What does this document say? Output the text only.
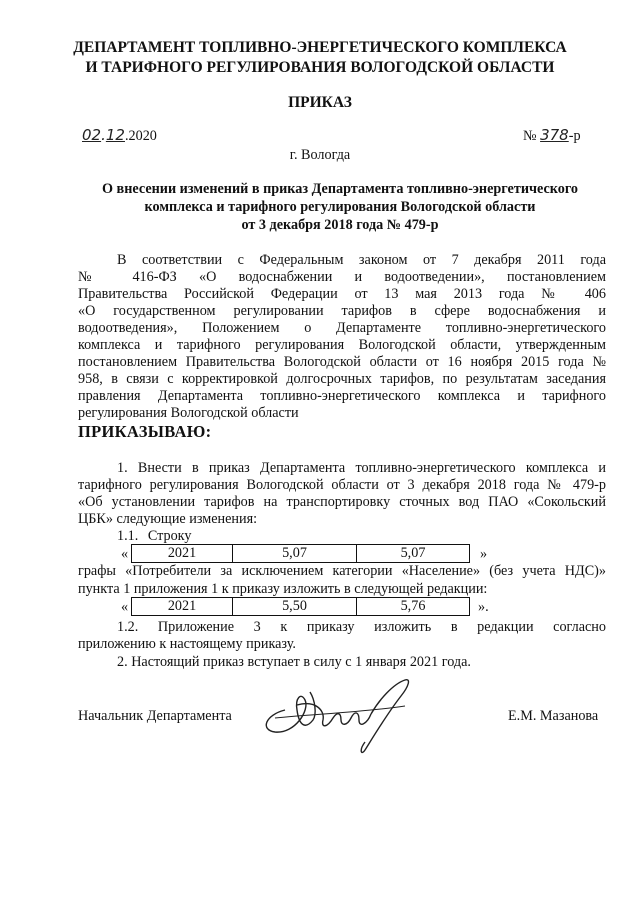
ДЕПАРТАМЕНТ ТОПЛИВНО-ЭНЕРГЕТИЧЕСКОГО КОМПЛЕКСА
И ТАРИФНОГО РЕГУЛИРОВАНИЯ ВОЛОГОДСКОЙ ОБЛАСТИ
ПРИКАЗ
02.12.2020	№ 378-р
г. Вологда
О внесении изменений в приказ Департамента топливно-энергетического
комплекса и тарифного регулирования Вологодской области
от 3 декабря 2018 года № 479-р
В соответствии с Федеральным законом от 7 декабря 2011 года
№ 416-ФЗ «О водоснабжении и водоотведении», постановлением
Правительства Российской Федерации от 13 мая 2013 года № 406
«О государственном регулировании тарифов в сфере водоснабжения и
водоотведения», Положением о Департаменте топливно-энергетического
комплекса и тарифного регулирования Вологодской области, утвержденным
постановлением Правительства Вологодской области от 16 ноября 2015 года №
958, в связи с корректировкой долгосрочных тарифов, по результатам заседания
правления Департамента топливно-энергетического комплекса и тарифного
регулирования Вологодской области
ПРИКАЗЫВАЮ:
1. Внести в приказ Департамента топливно-энергетического комплекса и
тарифного регулирования Вологодской области от 3 декабря 2018 года № 479-р
«Об установлении тарифов на транспортировку сточных вод ПАО «Сокольский
ЦБК» следующие изменения:
1.1. Строку
«	2021	5,07	5,07	»
графы «Потребители за исключением категории «Население» (без учета НДС)»
пункта 1 приложения 1 к приказу изложить в следующей редакции:
«	2021	5,50	5,76	».
1.2. Приложение 3 к приказу изложить в редакции согласно
приложению к настоящему приказу.
2. Настоящий приказ вступает в силу с 1 января 2021 года.
Начальник Департамента	Е.М. Мазанова
